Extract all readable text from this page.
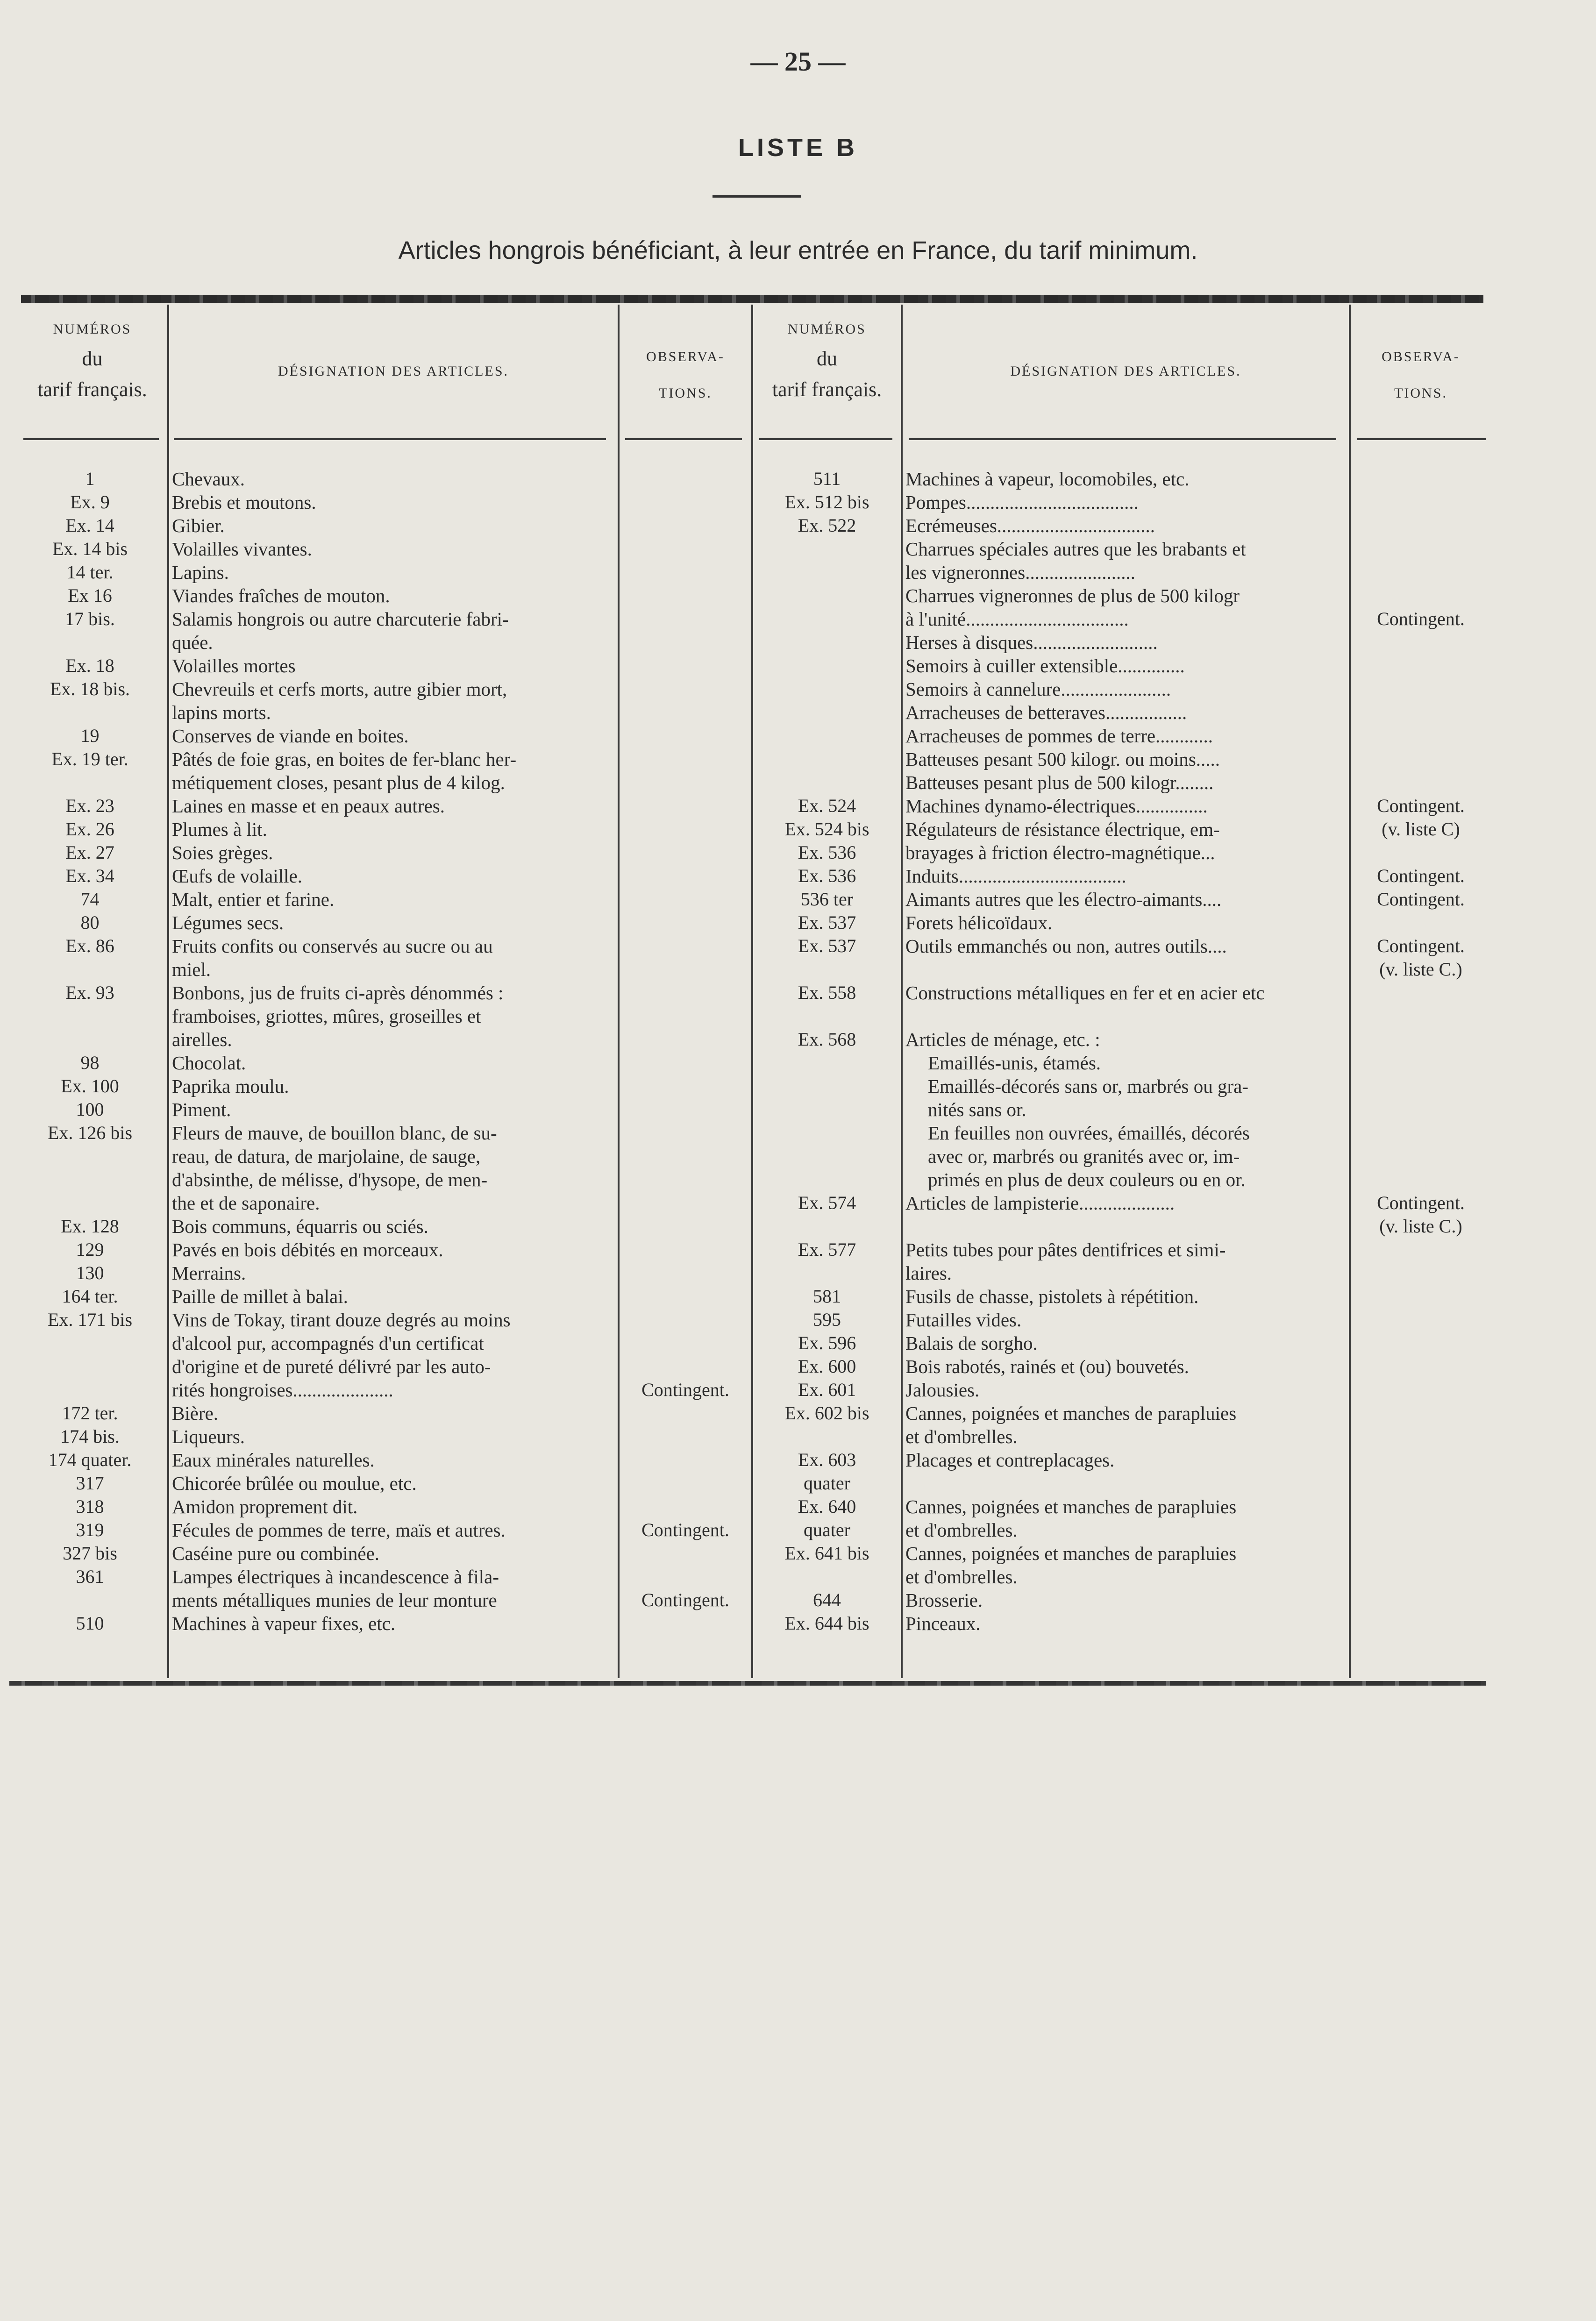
— 25 —
LISTE B
Articles hongrois bénéficiant, à leur entrée en France, du tarif minimum.
NUMÉROS
du
tarif français.
DÉSIGNATION DES ARTICLES.
OBSERVA-
TIONS.
NUMÉROS
du
tarif français.
DÉSIGNATION DES ARTICLES.
OBSERVA-
TIONS.
1	Chevaux.
Ex. 9	Brebis et moutons.
Ex. 14	Gibier.
Ex. 14 bis	Volailles vivantes.
14 ter.	Lapins.
Ex 16	Viandes fraîches de mouton.
17 bis.	Salamis hongrois ou autre charcuterie fabri-
quée.
Ex. 18	Volailles mortes
Ex. 18 bis.	Chevreuils et cerfs morts, autre gibier mort,
lapins morts.
19	Conserves de viande en boites.
Ex. 19 ter.	Pâtés de foie gras, en boites de fer-blanc her-
métiquement closes, pesant plus de 4 kilog.
Ex. 23	Laines en masse et en peaux autres.
Ex. 26	Plumes à lit.
Ex. 27	Soies grèges.
Ex. 34	Œufs de volaille.
74	Malt, entier et farine.
80	Légumes secs.
Ex. 86	Fruits confits ou conservés au sucre ou au
miel.
Ex. 93	Bonbons, jus de fruits ci-après dénommés :
framboises, griottes, mûres, groseilles et
airelles.
98	Chocolat.
Ex. 100	Paprika moulu.
100	Piment.
Ex. 126 bis	Fleurs de mauve, de bouillon blanc, de su-
reau, de datura, de marjolaine, de sauge,
d'absinthe, de mélisse, d'hysope, de men-
the et de saponaire.
Ex. 128	Bois communs, équarris ou sciés.
129	Pavés en bois débités en morceaux.
130	Merrains.
164 ter.	Paille de millet à balai.
Ex. 171 bis	Vins de Tokay, tirant douze degrés au moins
d'alcool pur, accompagnés d'un certificat
d'origine et de pureté délivré par les auto-
rités hongroises.....................	Contingent.
172 ter.	Bière.
174 bis.	Liqueurs.
174 quater.	Eaux minérales naturelles.
317	Chicorée brûlée ou moulue, etc.
318	Amidon proprement dit.
319	Fécules de pommes de terre, maïs et autres.	Contingent.
327 bis	Caséine pure ou combinée.
361	Lampes électriques à incandescence à fila-
ments métalliques munies de leur monture	Contingent.
510	Machines à vapeur fixes, etc.
511	Machines à vapeur, locomobiles, etc.
Ex. 512 bis	Pompes....................................
Ex. 522	Ecrémeuses.................................
Charrues spéciales autres que les brabants et
les vigneronnes.......................
Charrues vigneronnes de plus de 500 kilogr
à l'unité..................................	Contingent.
Herses à disques..........................
Semoirs à cuiller extensible..............
Semoirs à cannelure.......................
Arracheuses de betteraves.................
Arracheuses de pommes de terre............
Batteuses pesant 500 kilogr. ou moins.....
Batteuses pesant plus de 500 kilogr........
Ex. 524	Machines dynamo-électriques...............	Contingent.
Ex. 524 bis	Régulateurs de résistance électrique, em-	(v. liste C)
Ex. 536	brayages à friction électro-magnétique...
Ex. 536	Induits...................................	Contingent.
536 ter	Aimants autres que les électro-aimants....	Contingent.
Ex. 537	Forets hélicoïdaux.
Ex. 537	Outils emmanchés ou non, autres outils....	Contingent.
(v. liste C.)
Ex. 558	Constructions métalliques en fer et en acier etc
Ex. 568	Articles de ménage, etc. :
Emaillés-unis, étamés.
Emaillés-décorés sans or, marbrés ou gra-
nités sans or.
En feuilles non ouvrées, émaillés, décorés
avec or, marbrés ou granités avec or, im-
primés en plus de deux couleurs ou en or.
Ex. 574	Articles de lampisterie....................	Contingent.
(v. liste C.)
Ex. 577	Petits tubes pour pâtes dentifrices et simi-
laires.
581	Fusils de chasse, pistolets à répétition.
595	Futailles vides.
Ex. 596	Balais de sorgho.
Ex. 600	Bois rabotés, rainés et (ou) bouvetés.
Ex. 601	Jalousies.
Ex. 602 bis	Cannes, poignées et manches de parapluies
et d'ombrelles.
Ex. 603	Placages et contreplacages.
quater
Ex. 640	Cannes, poignées et manches de parapluies
quater	et d'ombrelles.
Ex. 641 bis	Cannes, poignées et manches de parapluies
et d'ombrelles.
644	Brosserie.
Ex. 644 bis	Pinceaux.
